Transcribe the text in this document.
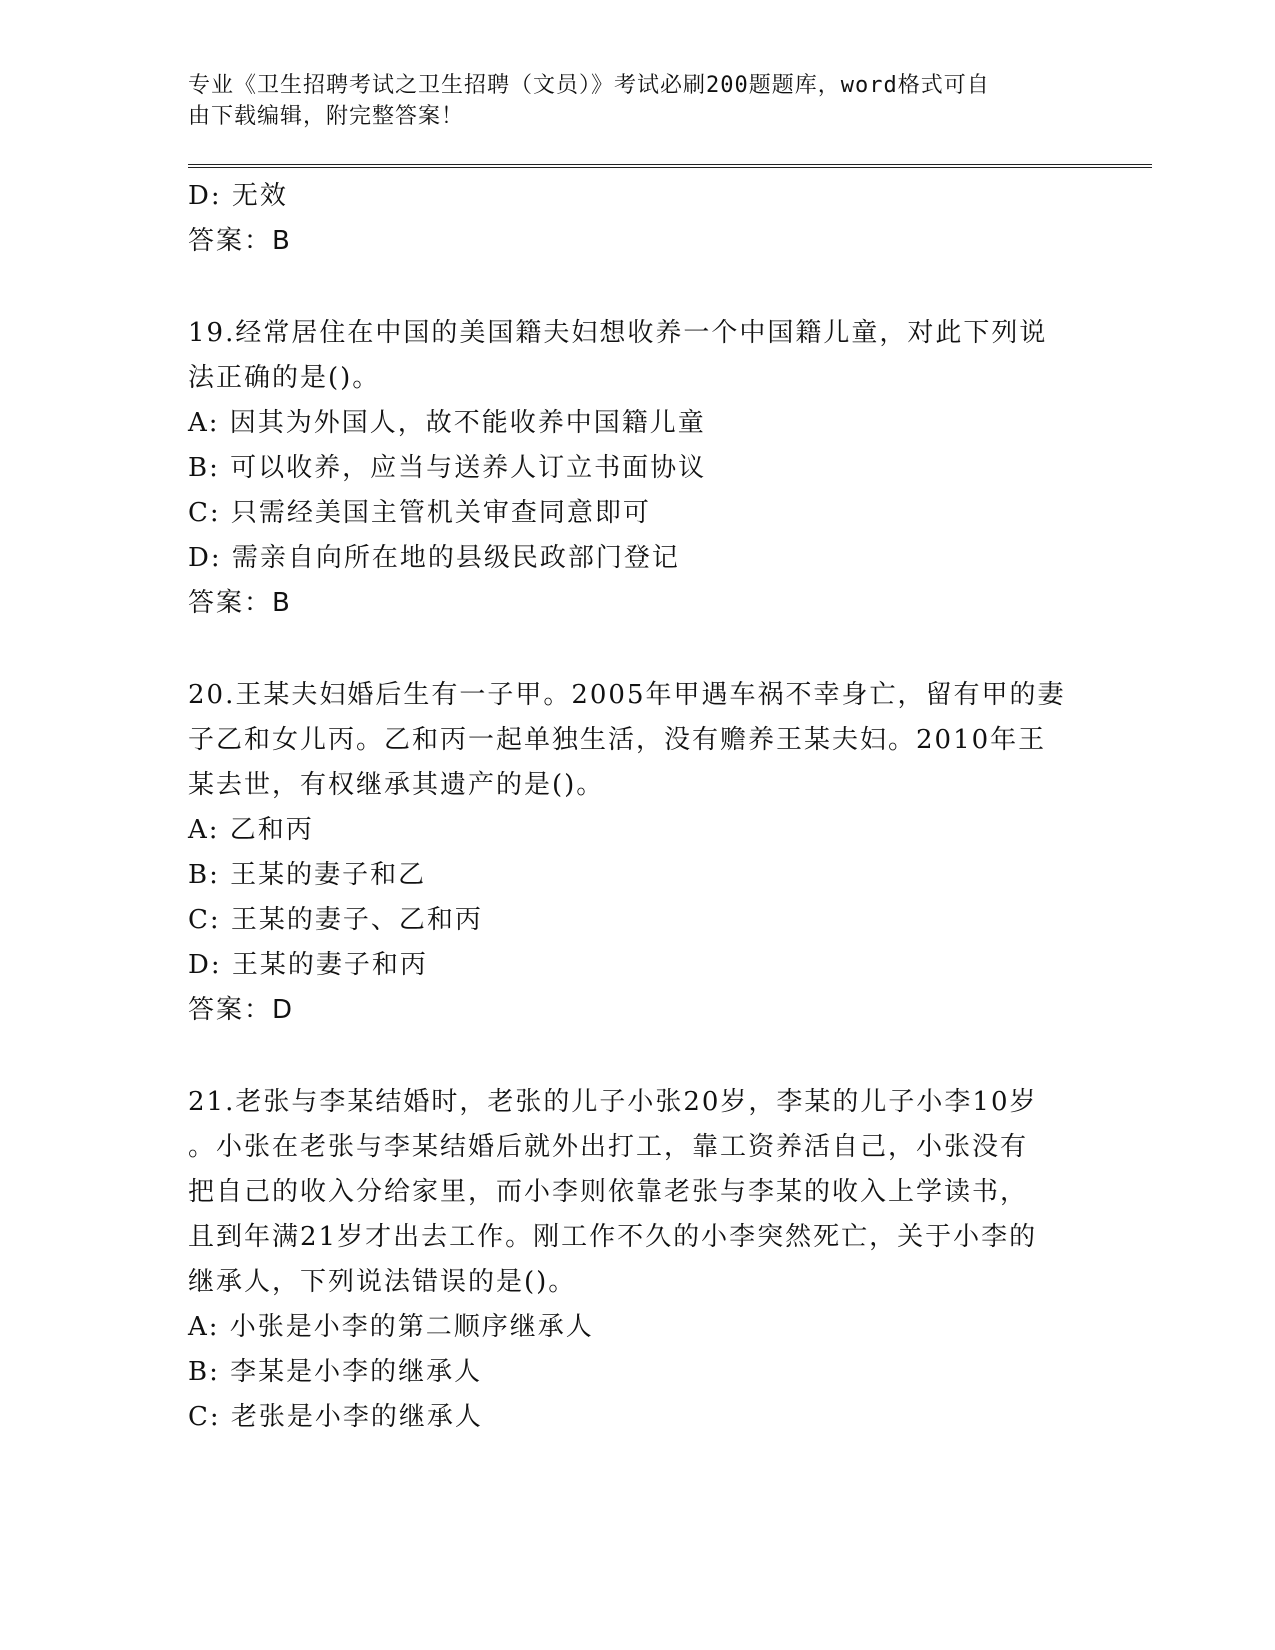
专业《卫生招聘考试之卫生招聘（文员）》考试必刷200题题库，word格式可自
由下载编辑，附完整答案！
D: 无效
答案：B
19.经常居住在中国的美国籍夫妇想收养一个中国籍儿童，对此下列说
法正确的是()。
A: 因其为外国人，故不能收养中国籍儿童
B: 可以收养，应当与送养人订立书面协议
C: 只需经美国主管机关审查同意即可
D: 需亲自向所在地的县级民政部门登记
答案：B
20.王某夫妇婚后生有一子甲。2005年甲遇车祸不幸身亡，留有甲的妻
子乙和女儿丙。乙和丙一起单独生活，没有赡养王某夫妇。2010年王
某去世，有权继承其遗产的是()。
A: 乙和丙
B: 王某的妻子和乙
C: 王某的妻子、乙和丙
D: 王某的妻子和丙
答案：D
21.老张与李某结婚时，老张的儿子小张20岁，李某的儿子小李10岁
。小张在老张与李某结婚后就外出打工，靠工资养活自己，小张没有
把自己的收入分给家里，而小李则依靠老张与李某的收入上学读书，
且到年满21岁才出去工作。刚工作不久的小李突然死亡，关于小李的
继承人，下列说法错误的是()。
A: 小张是小李的第二顺序继承人
B: 李某是小李的继承人
C: 老张是小李的继承人
